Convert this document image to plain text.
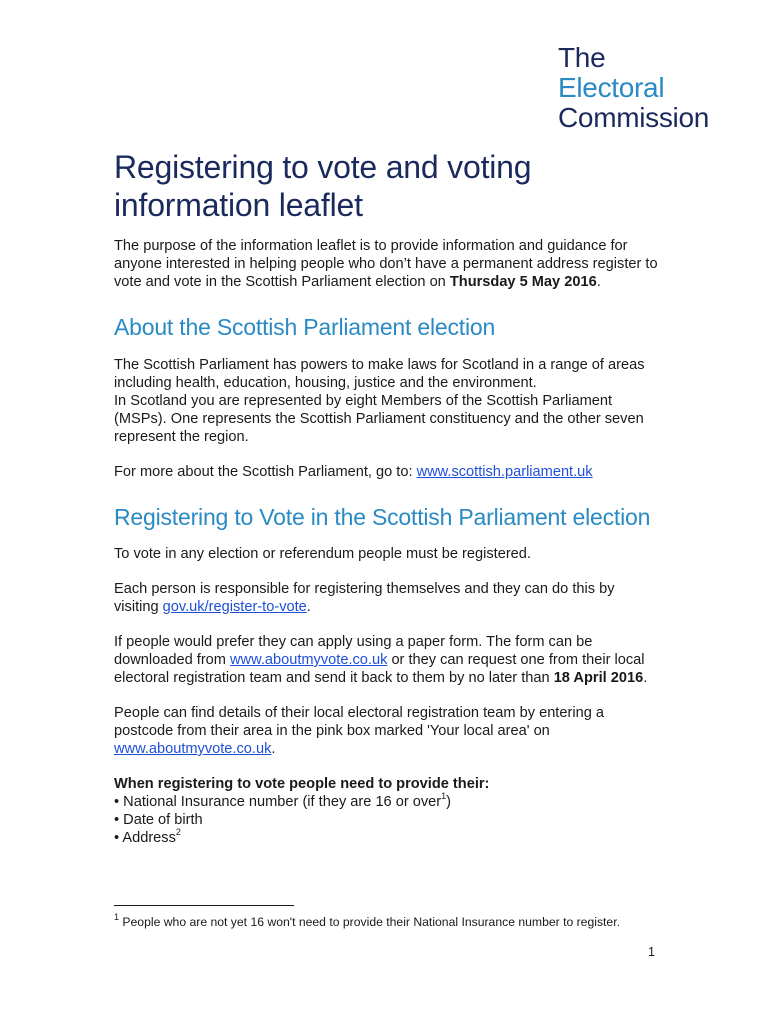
The
Electoral
Commission
Registering to vote and voting
information leaflet

The purpose of the information leaflet is to provide information and guidance for anyone interested in helping people who don’t have a permanent address register to vote and vote in the Scottish Parliament election on Thursday 5 May 2016.

About the Scottish Parliament election

The Scottish Parliament has powers to make laws for Scotland in a range of areas including health, education, housing, justice and the environment.
In Scotland you are represented by eight Members of the Scottish Parliament (MSPs). One represents the Scottish Parliament constituency and the other seven represent the region.

For more about the Scottish Parliament, go to: www.scottish.parliament.uk

Registering to Vote in the Scottish Parliament election

To vote in any election or referendum people must be registered.

Each person is responsible for registering themselves and they can do this by visiting gov.uk/register-to-vote.

If people would prefer they can apply using a paper form. The form can be downloaded from www.aboutmyvote.co.uk or they can request one from their local electoral registration team and send it back to them by no later than 18 April 2016.

People can find details of their local electoral registration team by entering a postcode from their area in the pink box marked 'Your local area' on www.aboutmyvote.co.uk.

When registering to vote people need to provide their:
• National Insurance number (if they are 16 or over$^1$)
• Date of birth
• Address$^2$

$^1$ People who are not yet 16 won't need to provide their National Insurance number to register.
1
